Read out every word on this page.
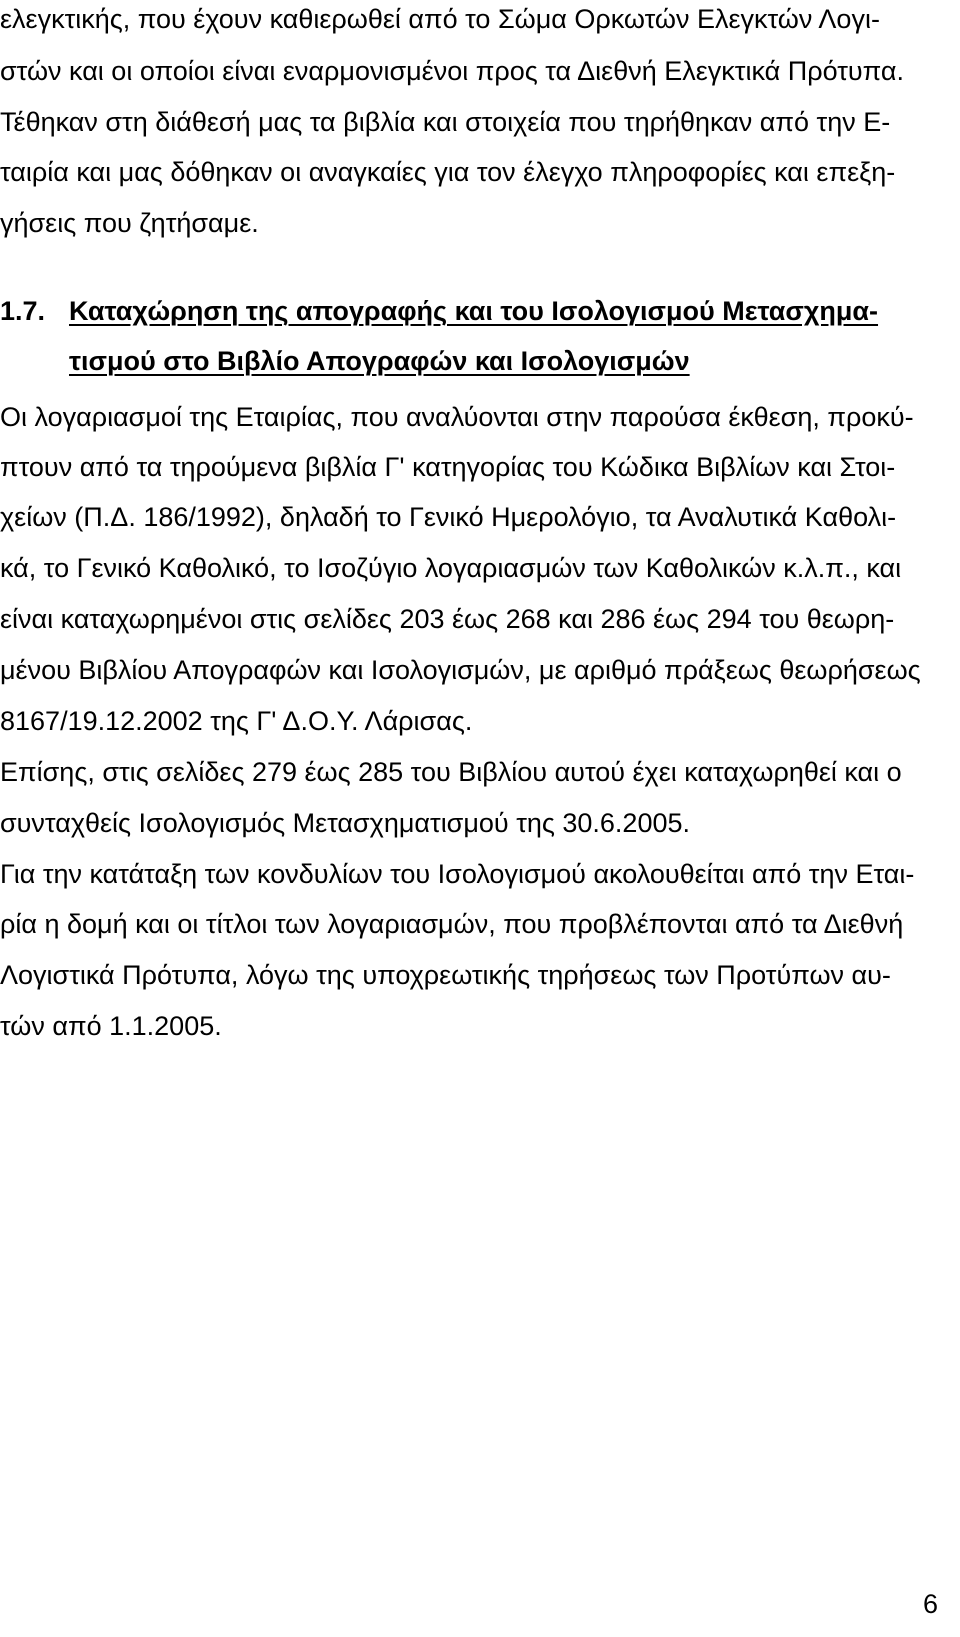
ελεγκτικής, που έχουν καθιερωθεί από το Σώμα Ορκωτών Ελεγκτών Λογι-
στών και οι οποίοι είναι εναρμονισμένοι προς τα Διεθνή Ελεγκτικά Πρότυπα.
Τέθηκαν στη διάθεσή μας τα βιβλία και στοιχεία που τηρήθηκαν από την Ε-
ταιρία και μας δόθηκαν οι αναγκαίες για τον έλεγχο πληροφορίες και επεξη-
γήσεις που ζητήσαμε.
1.7. Καταχώρηση της απογραφής και του Ισολογισμού Μετασχημα-
τισμού στο Βιβλίο Απογραφών και Ισολογισμών
Οι λογαριασμοί της Εταιρίας, που αναλύονται στην παρούσα έκθεση, προκύ-
πτουν από τα τηρούμενα βιβλία Γ' κατηγορίας του Κώδικα Βιβλίων και Στοι-
χείων (Π.Δ. 186/1992), δηλαδή το Γενικό Ημερολόγιο, τα Αναλυτικά Καθολι-
κά, το Γενικό Καθολικό, το Ισοζύγιο λογαριασμών των Καθολικών κ.λ.π., και
είναι καταχωρημένοι στις σελίδες 203 έως 268 και 286 έως 294 του θεωρη-
μένου Βιβλίου Απογραφών και Ισολογισμών, με αριθμό πράξεως θεωρήσεως
8167/19.12.2002 της Γ' Δ.Ο.Υ. Λάρισας.
Επίσης, στις σελίδες 279 έως 285 του Βιβλίου αυτού έχει καταχωρηθεί και ο
συνταχθείς Ισολογισμός Μετασχηματισμού της 30.6.2005.
Για την κατάταξη των κονδυλίων του Ισολογισμού ακολουθείται από την Εται-
ρία η δομή και οι τίτλοι των λογαριασμών, που προβλέπονται από τα Διεθνή
Λογιστικά Πρότυπα, λόγω της υποχρεωτικής τηρήσεως των Προτύπων αυ-
τών από 1.1.2005.
6
